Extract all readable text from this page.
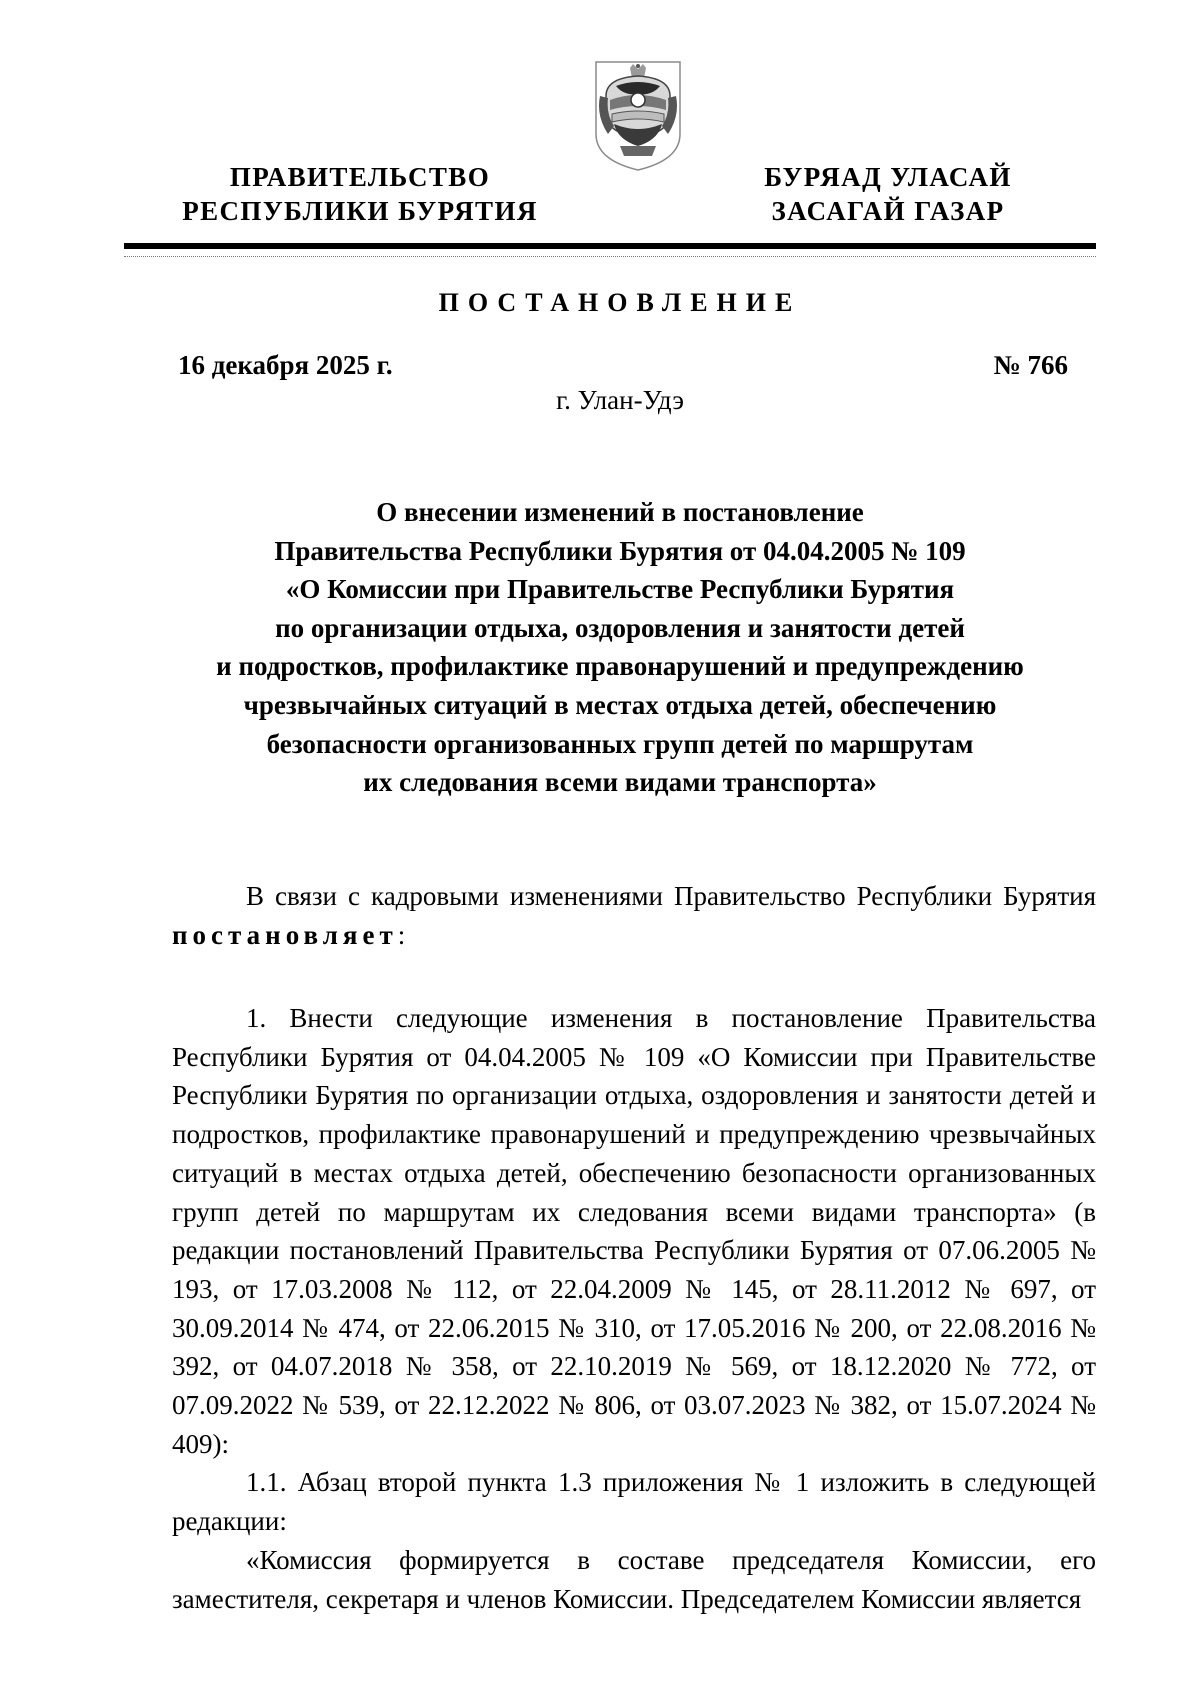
ПРАВИТЕЛЬСТВО
РЕСПУБЛИКИ БУРЯТИЯ
БУРЯАД УЛАСАЙ
ЗАСАГАЙ ГАЗАР
ПОСТАНОВЛЕНИЕ
16 декабря 2025 г.	№ 766
г. Улан-Удэ
О внесении изменений в постановление
Правительства Республики Бурятия от 04.04.2005 № 109
«О Комиссии при Правительстве Республики Бурятия
по организации отдыха, оздоровления и занятости детей
и подростков, профилактике правонарушений и предупреждению
чрезвычайных ситуаций в местах отдыха детей, обеспечению
безопасности организованных групп детей по маршрутам
их следования всеми видами транспорта»

В связи с кадровыми изменениями Правительство Республики Бурятия постановляет:

1. Внести следующие изменения в постановление Правительства Республики Бурятия от 04.04.2005 № 109 «О Комиссии при Правительстве Республики Бурятия по организации отдыха, оздоровления и занятости детей и подростков, профилактике правонарушений и предупреждению чрезвычайных ситуаций в местах отдыха детей, обеспечению безопасности организованных групп детей по маршрутам их следования всеми видами транспорта» (в редакции постановлений Правительства Республики Бурятия от 07.06.2005 № 193, от 17.03.2008 № 112, от 22.04.2009 № 145, от 28.11.2012 № 697, от 30.09.2014 № 474, от 22.06.2015 № 310, от 17.05.2016 № 200, от 22.08.2016 № 392, от 04.07.2018 № 358, от 22.10.2019 № 569, от 18.12.2020 № 772, от 07.09.2022 № 539, от 22.12.2022 № 806, от 03.07.2023 № 382, от 15.07.2024 № 409):

1.1. Абзац второй пункта 1.3 приложения № 1 изложить в следующей редакции:

«Комиссия формируется в составе председателя Комиссии, его заместителя, секретаря и членов Комиссии. Председателем Комиссии является
